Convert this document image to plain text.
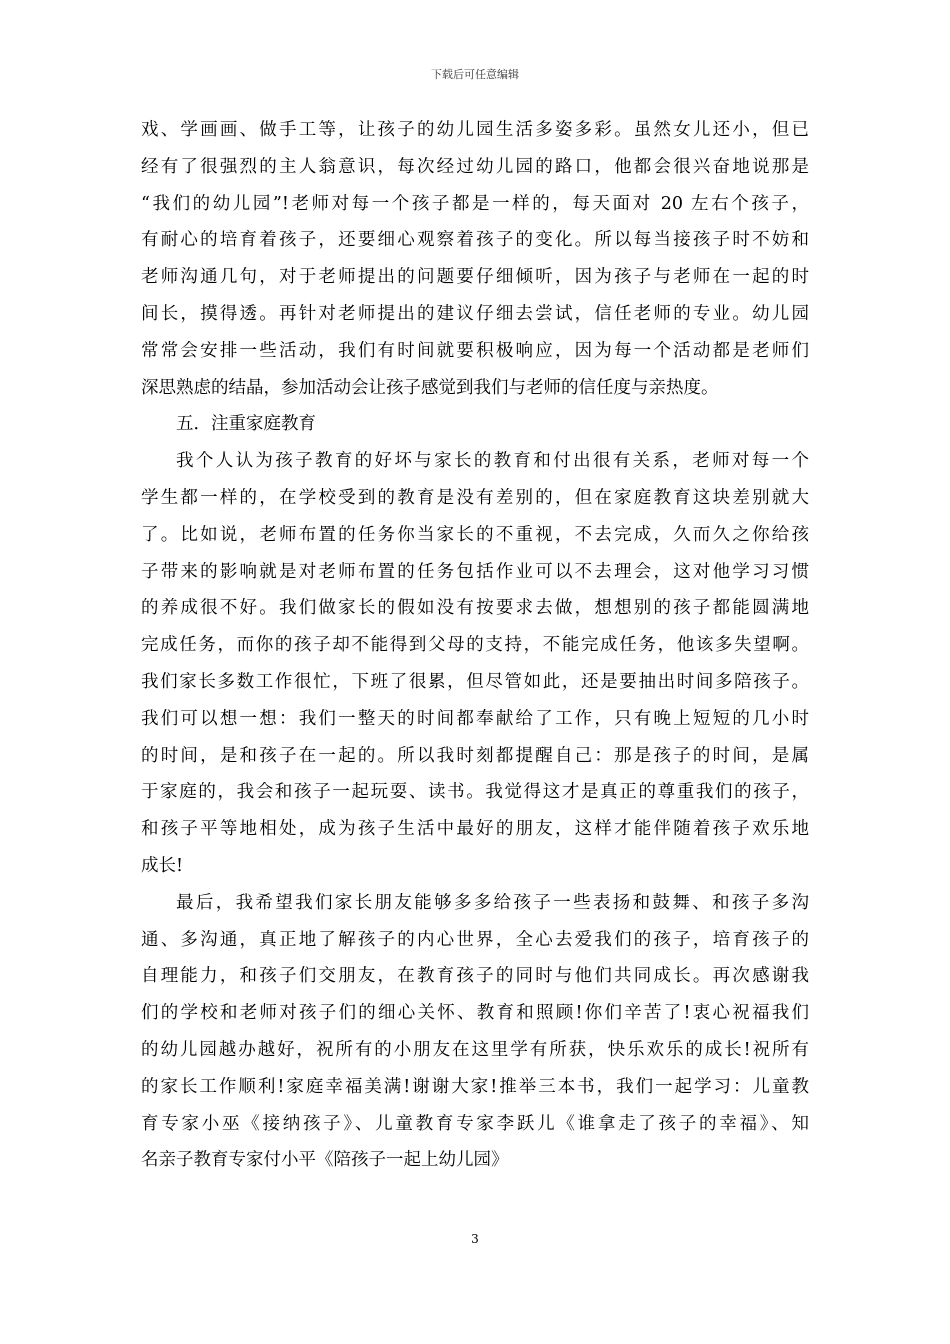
下载后可任意编辑
戏、学画画、做手工等，让孩子的幼儿园生活多姿多彩。虽然女儿还小，但已
经有了很强烈的主人翁意识，每次经过幼儿园的路口，他都会很兴奋地说那是
“我们的幼儿园”!老师对每一个孩子都是一样的，每天面对 20 左右个孩子，
有耐心的培育着孩子，还要细心观察着孩子的变化。所以每当接孩子时不妨和
老师沟通几句，对于老师提出的问题要仔细倾听，因为孩子与老师在一起的时
间长，摸得透。再针对老师提出的建议仔细去尝试，信任老师的专业。幼儿园
常常会安排一些活动，我们有时间就要积极响应，因为每一个活动都是老师们
深思熟虑的结晶，参加活动会让孩子感觉到我们与老师的信任度与亲热度。
五．注重家庭教育
我个人认为孩子教育的好坏与家长的教育和付出很有关系，老师对每一个
学生都一样的，在学校受到的教育是没有差别的，但在家庭教育这块差别就大
了。比如说，老师布置的任务你当家长的不重视，不去完成，久而久之你给孩
子带来的影响就是对老师布置的任务包括作业可以不去理会，这对他学习习惯
的养成很不好。我们做家长的假如没有按要求去做，想想别的孩子都能圆满地
完成任务，而你的孩子却不能得到父母的支持，不能完成任务，他该多失望啊。
我们家长多数工作很忙，下班了很累，但尽管如此，还是要抽出时间多陪孩子。
我们可以想一想：我们一整天的时间都奉献给了工作，只有晚上短短的几小时
的时间，是和孩子在一起的。所以我时刻都提醒自己：那是孩子的时间，是属
于家庭的，我会和孩子一起玩耍、读书。我觉得这才是真正的尊重我们的孩子，
和孩子平等地相处，成为孩子生活中最好的朋友，这样才能伴随着孩子欢乐地
成长!
最后，我希望我们家长朋友能够多多给孩子一些表扬和鼓舞、和孩子多沟
通、多沟通，真正地了解孩子的内心世界，全心去爱我们的孩子，培育孩子的
自理能力，和孩子们交朋友，在教育孩子的同时与他们共同成长。再次感谢我
们的学校和老师对孩子们的细心关怀、教育和照顾!你们辛苦了!衷心祝福我们
的幼儿园越办越好，祝所有的小朋友在这里学有所获，快乐欢乐的成长!祝所有
的家长工作顺利!家庭幸福美满!谢谢大家!推举三本书，我们一起学习：儿童教
育专家小巫《接纳孩子》、儿童教育专家李跃儿《谁拿走了孩子的幸福》、知
名亲子教育专家付小平《陪孩子一起上幼儿园》
3
